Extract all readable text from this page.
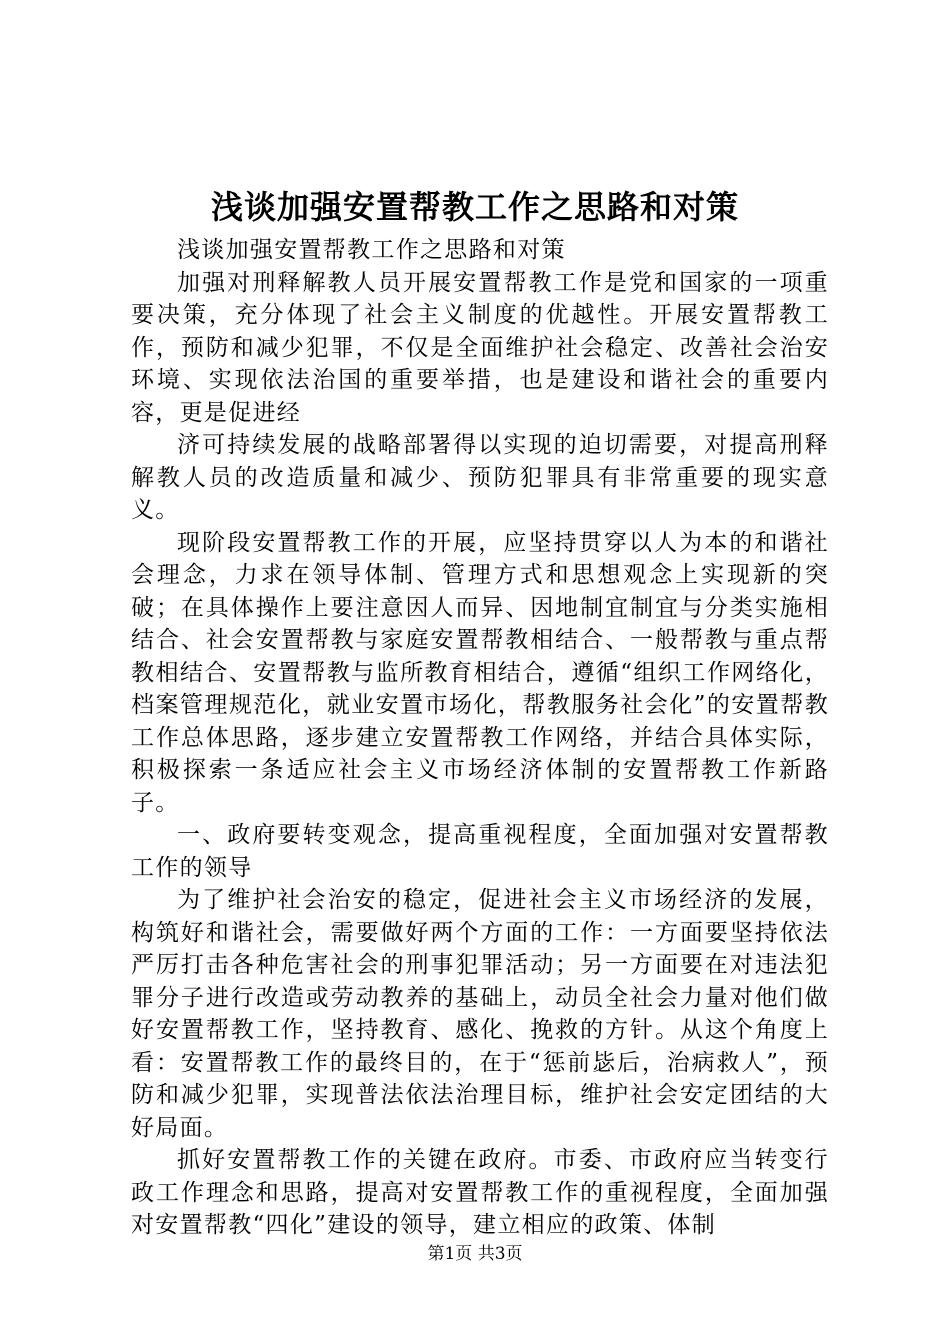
浅谈加强安置帮教工作之思路和对策

浅谈加强安置帮教工作之思路和对策

加强对刑释解教人员开展安置帮教工作是党和国家的一项重要决策，充分体现了社会主义制度的优越性。开展安置帮教工作，预防和减少犯罪，不仅是全面维护社会稳定、改善社会治安环境、实现依法治国的重要举措，也是建设和谐社会的重要内容，更是促进经

济可持续发展的战略部署得以实现的迫切需要，对提高刑释解教人员的改造质量和减少、预防犯罪具有非常重要的现实意义。

现阶段安置帮教工作的开展，应坚持贯穿以人为本的和谐社会理念，力求在领导体制、管理方式和思想观念上实现新的突破；在具体操作上要注意因人而异、因地制宜制宜与分类实施相结合、社会安置帮教与家庭安置帮教相结合、一般帮教与重点帮教相结合、安置帮教与监所教育相结合，遵循“组织工作网络化，档案管理规范化，就业安置市场化，帮教服务社会化”的安置帮教工作总体思路，逐步建立安置帮教工作网络，并结合具体实际，积极探索一条适应社会主义市场经济体制的安置帮教工作新路子。

一、政府要转变观念，提高重视程度，全面加强对安置帮教工作的领导

为了维护社会治安的稳定，促进社会主义市场经济的发展，构筑好和谐社会，需要做好两个方面的工作：一方面要坚持依法严厉打击各种危害社会的刑事犯罪活动；另一方面要在对违法犯罪分子进行改造或劳动教养的基础上，动员全社会力量对他们做好安置帮教工作，坚持教育、感化、挽救的方针。从这个角度上看：安置帮教工作的最终目的，在于“惩前毖后，治病救人”，预防和减少犯罪，实现普法依法治理目标，维护社会安定团结的大好局面。

抓好安置帮教工作的关键在政府。市委、市政府应当转变行政工作理念和思路，提高对安置帮教工作的重视程度，全面加强对安置帮教“四化”建设的领导，建立相应的政策、体制

第1页 共3页
